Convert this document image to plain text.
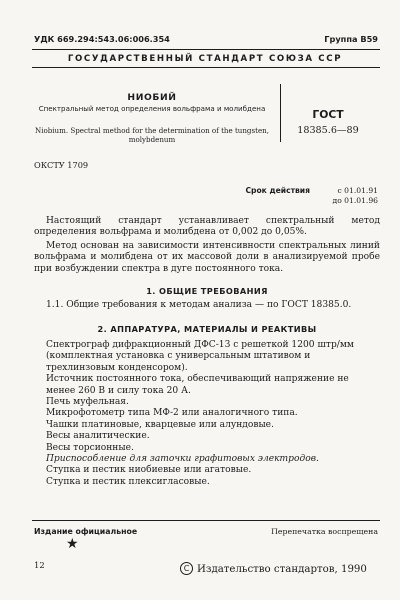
УДК 669.294:543.06:006.354	Группа В59
ГОСУДАРСТВЕННЫЙ СТАНДАРТ СОЮЗА ССР
НИОБИЙ
Спектральный метод определения вольфрама и молибдена
Niobium. Spectral method for the determination of the tungsten, molybdenum
ГОСТ
18385.6—89
ОКСТУ 1709
Срок действия	с 01.01.91
до 01.01.96
Настоящий стандарт устанавливает спектральный метод определения вольфрама и молибдена от 0,002 до 0,05%.
Метод основан на зависимости интенсивности спектральных линий вольфрама и молибдена от их массовой доли в анализируемой пробе при возбуждении спектра в дуге постоянного тока.
1. ОБЩИЕ ТРЕБОВАНИЯ
1.1. Общие требования к методам анализа — по ГОСТ 18385.0.
2. АППАРАТУРА, МАТЕРИАЛЫ И РЕАКТИВЫ
Спектрограф дифракционный ДФС-13 с решеткой 1200 штр/мм (комплектная установка с универсальным штативом и трехлинзовым конденсором).
Источник постоянного тока, обеспечивающий напряжение не менее 260 В и силу тока 20 А.
Печь муфельная.
Микрофотометр типа МФ-2 или аналогичного типа.
Чашки платиновые, кварцевые или алундовые.
Весы аналитические.
Весы торсионные.
Приспособление для заточки графитовых электродов.
Ступка и пестик ниобиевые или агатовые.
Ступка и пестик плексигласовые.
Издание официальное	Перепечатка воспрещена
★
12	C Издательство стандартов, 1990
